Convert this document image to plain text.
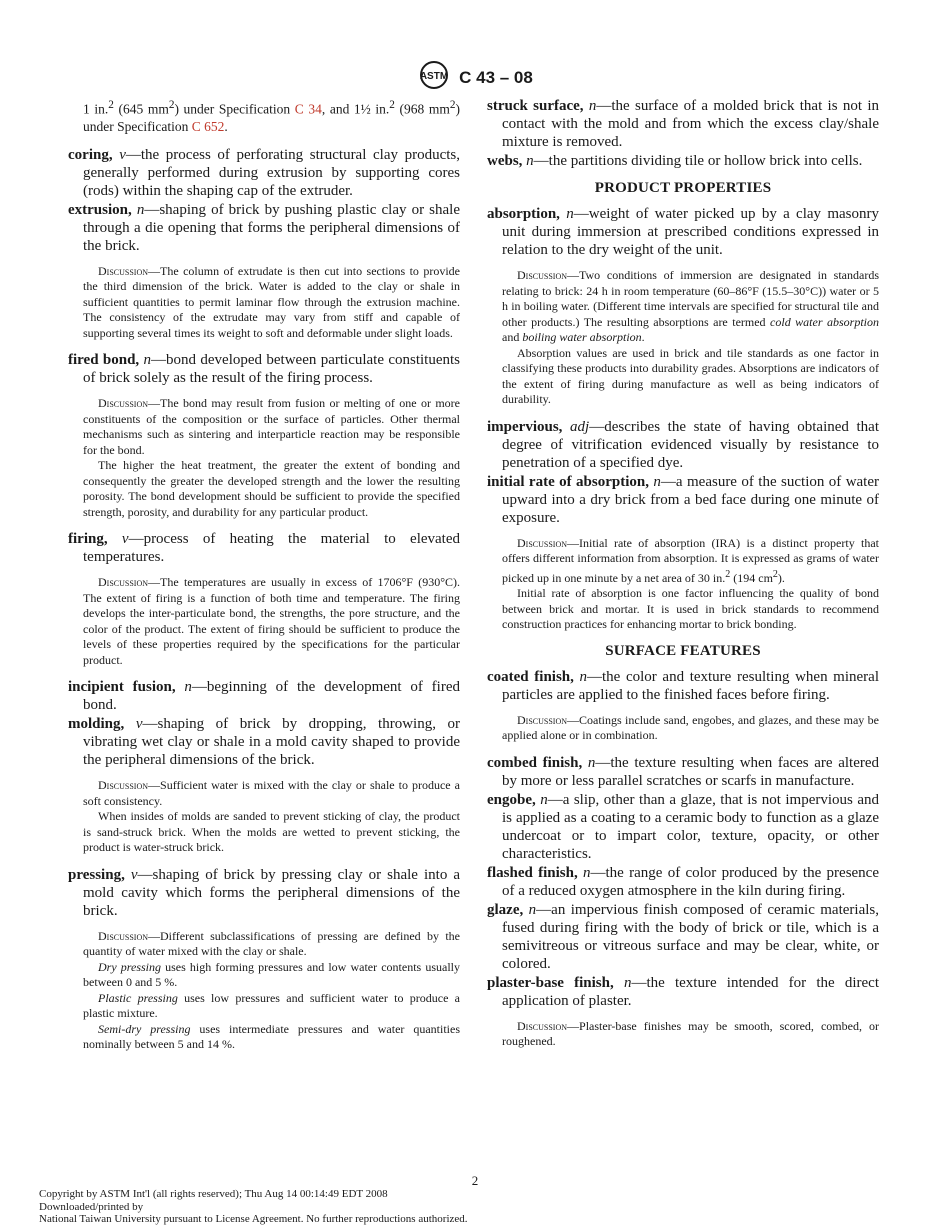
ASTM C 43 – 08
1 in.$^2$ (645 $mm^2$) under Specification C 34, and 1½ in.$^2$ (968 $mm^2$) under Specification C 652.

coring, v—the process of perforating structural clay products, generally performed during extrusion by supporting cores (rods) within the shaping cap of the extruder.

extrusion, n—shaping of brick by pushing plastic clay or shale through a die opening that forms the peripheral dimensions of the brick.

Discussion—The column of extrudate is then cut into sections to provide the third dimension of the brick. Water is added to the clay or shale in sufficient quantities to permit laminar flow through the extrusion machine. The consistency of the extrudate may vary from stiff and capable of supporting several times its weight to soft and deformable under slight loads.

fired bond, n—bond developed between particulate constituents of brick solely as the result of the firing process.

Discussion—The bond may result from fusion or melting of one or more constituents of the composition or the surface of particles. Other thermal mechanisms such as sintering and interparticle reaction may be responsible for the bond.

The higher the heat treatment, the greater the extent of bonding and consequently the greater the developed strength and the lower the resulting porosity. The bond development should be sufficient to provide the specified strength, porosity, and durability for any particular product.

firing, v—process of heating the material to elevated temperatures.

Discussion—The temperatures are usually in excess of 1706°F (930°C). The extent of firing is a function of both time and temperature. The firing develops the inter-particulate bond, the strengths, the pore structure, and the color of the product. The extent of firing should be sufficient to produce the levels of these properties required by the specifications for the particular product.

incipient fusion, n—beginning of the development of fired bond.

molding, v—shaping of brick by dropping, throwing, or vibrating wet clay or shale in a mold cavity shaped to provide the peripheral dimensions of the brick.

Discussion—Sufficient water is mixed with the clay or shale to produce a soft consistency.

When insides of molds are sanded to prevent sticking of clay, the product is sand-struck brick. When the molds are wetted to prevent sticking, the product is water-struck brick.

pressing, v—shaping of brick by pressing clay or shale into a mold cavity which forms the peripheral dimensions of the brick.

Discussion—Different subclassifications of pressing are defined by the quantity of water mixed with the clay or shale.

Dry pressing uses high forming pressures and low water contents usually between 0 and 5 %.

Plastic pressing uses low pressures and sufficient water to produce a plastic mixture.

Semi-dry pressing uses intermediate pressures and water quantities nominally between 5 and 14 %.

struck surface, n—the surface of a molded brick that is not in contact with the mold and from which the excess clay/shale mixture is removed.

webs, n—the partitions dividing tile or hollow brick into cells.

PRODUCT PROPERTIES

absorption, n—weight of water picked up by a clay masonry unit during immersion at prescribed conditions expressed in relation to the dry weight of the unit.

Discussion—Two conditions of immersion are designated in standards relating to brick: 24 h in room temperature (60–86°F (15.5–30°C)) water or 5 h in boiling water. (Different time intervals are specified for structural tile and other products.) The resulting absorptions are termed cold water absorption and boiling water absorption.

Absorption values are used in brick and tile standards as one factor in classifying these products into durability grades. Absorptions are indicators of the extent of firing during manufacture as well as being indicators of durability.

impervious, adj—describes the state of having obtained that degree of vitrification evidenced visually by resistance to penetration of a specified dye.

initial rate of absorption, n—a measure of the suction of water upward into a dry brick from a bed face during one minute of exposure.

Discussion—Initial rate of absorption (IRA) is a distinct property that offers different information from absorption. It is expressed as grams of water picked up in one minute by a net area of 30 in.$^2$ (194 $cm^2$).

Initial rate of absorption is one factor influencing the quality of bond between brick and mortar. It is used in brick standards to recommend construction practices for enhancing mortar to brick bonding.

SURFACE FEATURES

coated finish, n—the color and texture resulting when mineral particles are applied to the finished faces before firing.

Discussion—Coatings include sand, engobes, and glazes, and these may be applied alone or in combination.

combed finish, n—the texture resulting when faces are altered by more or less parallel scratches or scarfs in manufacture.

engobe, n—a slip, other than a glaze, that is not impervious and is applied as a coating to a ceramic body to function as a glaze undercoat or to impart color, texture, opacity, or other characteristics.

flashed finish, n—the range of color produced by the presence of a reduced oxygen atmosphere in the kiln during firing.

glaze, n—an impervious finish composed of ceramic materials, fused during firing with the body of brick or tile, which is a semivitreous or vitreous surface and may be clear, white, or colored.

plaster-base finish, n—the texture intended for the direct application of plaster.

Discussion—Plaster-base finishes may be smooth, scored, combed, or roughened.

2
Copyright by ASTM Int'l (all rights reserved); Thu Aug 14 00:14:49 EDT 2008
Downloaded/printed by
National Taiwan University pursuant to License Agreement. No further reproductions authorized.
